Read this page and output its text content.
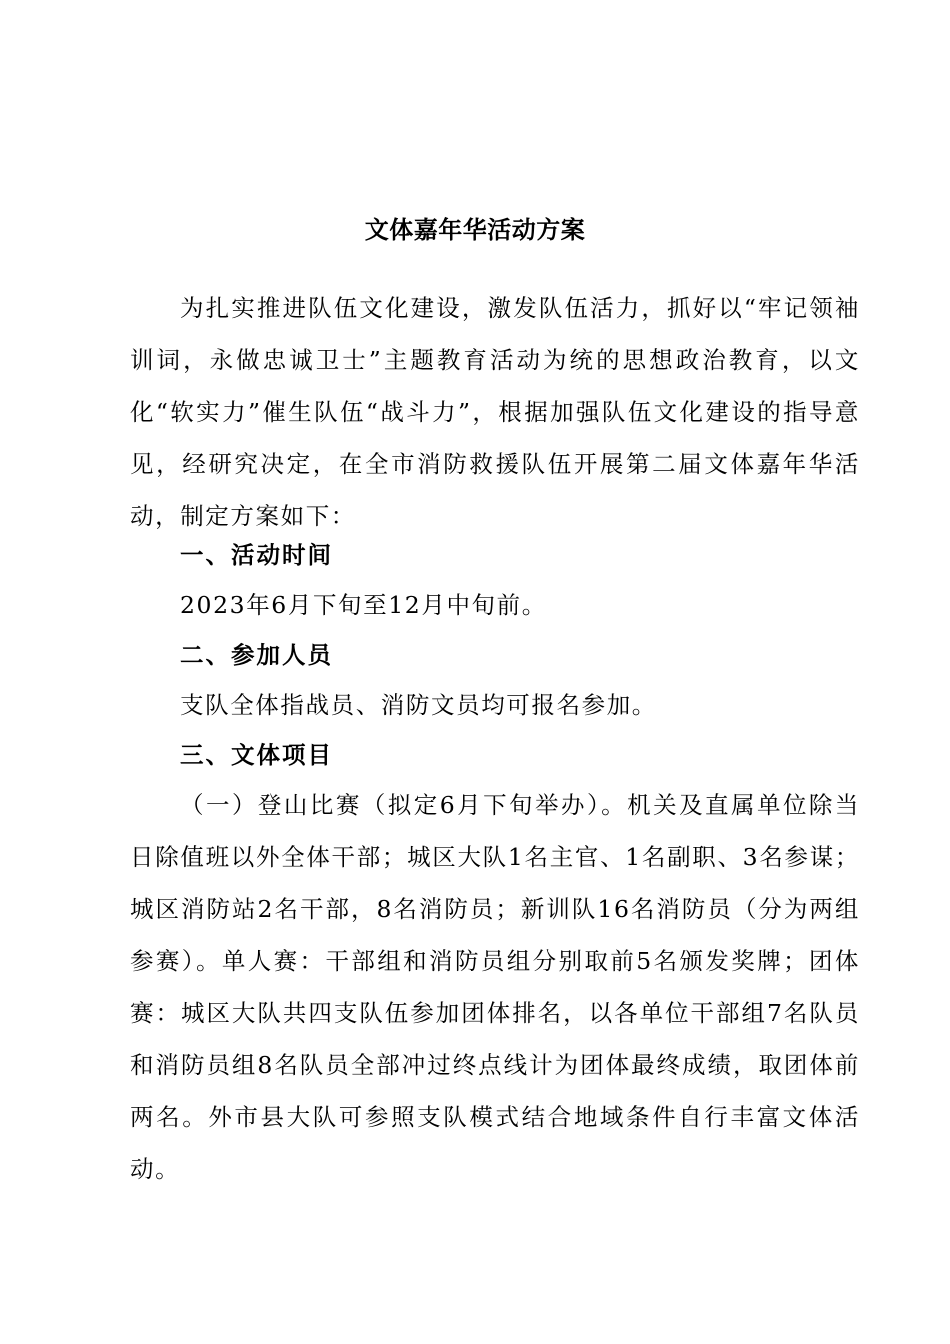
文体嘉年华活动方案

为扎实推进队伍文化建设，激发队伍活力，抓好以“牢记领袖训词，永做忠诚卫士”主题教育活动为统的思想政治教育，以文化“软实力”催生队伍“战斗力”，根据加强队伍文化建设的指导意见，经研究决定，在全市消防救援队伍开展第二届文体嘉年华活动，制定方案如下：

一、活动时间

2023年6月下旬至12月中旬前。

二、参加人员

支队全体指战员、消防文员均可报名参加。

三、文体项目

（一）登山比赛（拟定6月下旬举办）。机关及直属单位除当日除值班以外全体干部；城区大队1名主官、1名副职、3名参谋；城区消防站2名干部，8名消防员；新训队16名消防员（分为两组参赛）。单人赛：干部组和消防员组分别取前5名颁发奖牌；团体赛：城区大队共四支队伍参加团体排名，以各单位干部组7名队员和消防员组8名队员全部冲过终点线计为团体最终成绩，取团体前两名。外市县大队可参照支队模式结合地域条件自行丰富文体活动。
